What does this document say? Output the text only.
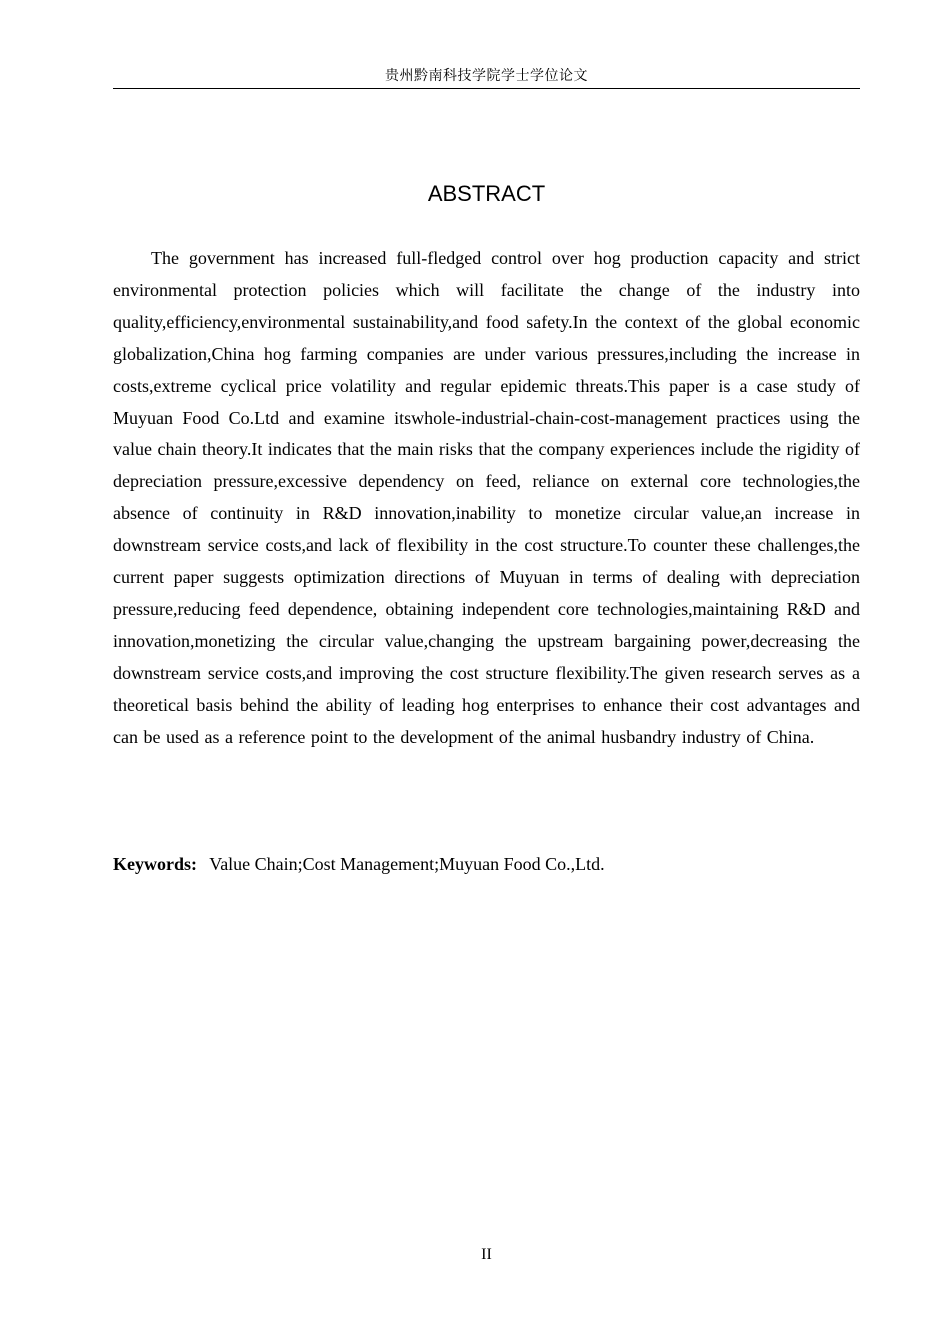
贵州黔南科技学院学士学位论文
ABSTRACT

The government has increased full-fledged control over hog production capacity and strict environmental protection policies which will facilitate the change of the industry into quality,efficiency,environmental sustainability,and food safety.In the context of the global economic globalization,China hog farming companies are under various pressures,including the increase in costs,extreme cyclical price volatility and regular epidemic threats.This paper is a case study of Muyuan Food Co.Ltd and examine itswhole-industrial-chain-cost-management practices using the value chain theory.It indicates that the main risks that the company experiences include the rigidity of depreciation pressure,excessive dependency on feed, reliance on external core technologies,the absence of continuity in R&D innovation,inability to monetize circular value,an increase in downstream service costs,and lack of flexibility in the cost structure.To counter these challenges,the current paper suggests optimization directions of Muyuan in terms of dealing with depreciation pressure,reducing feed dependence, obtaining independent core technologies,maintaining R&D and innovation,monetizing the circular value,changing the upstream bargaining power,decreasing the downstream service costs,and improving the cost structure flexibility.The given research serves as a theoretical basis behind the ability of leading hog enterprises to enhance their cost advantages and can be used as a reference point to the development of the animal husbandry industry of China.

Keywords: Value Chain;Cost Management;Muyuan Food Co.,Ltd.

II
